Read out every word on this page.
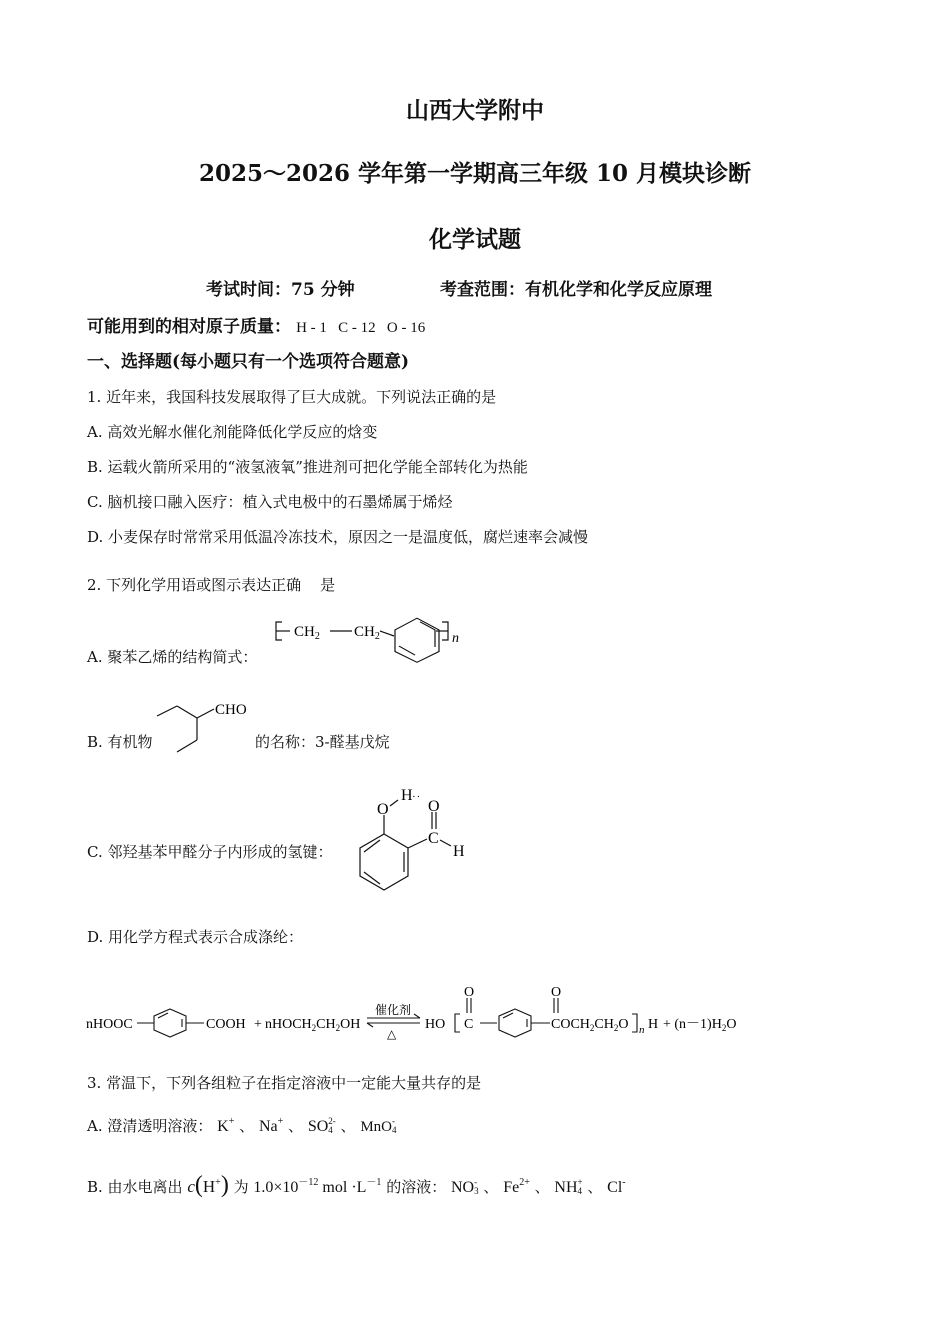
山西大学附中
2025～2026 学年第一学期高三年级 10 月模块诊断
化学试题
考试时间：75 分钟	考查范围：有机化学和化学反应原理
可能用到的相对原子质量： H - 1   C - 12   O - 16
一、选择题(每小题只有一个选项符合题意)
1. 近年来，我国科技发展取得了巨大成就。下列说法正确的是
A. 高效光解水催化剂能降低化学反应的焓变
B. 运载火箭所采用的“液氢液氧”推进剂可把化学能全部转化为热能
C. 脑机接口融入医疗：植入式电极中的石墨烯属于烯烃
D. 小麦保存时常常采用低温冷冻技术，原因之一是温度低，腐烂速率会减慢
2. 下列化学用语或图示表达正确    是
A. 聚苯乙烯的结构简式：
$CH_2$ $CH_2$	n
B. 有机物
CHO
的名称：3-醛基戊烷
C. 邻羟基苯甲醛分子内形成的氢键：
··
O
H
O
C
H
D. 用化学方程式表示合成涤纶：
nHOOC	COOH + $nHOCH_2CH_2OH$
催化剂
△
HO C
O	O
$COCH_2CH_2O$ n $H + (n-1)H_2O$
3. 常温下，下列各组粒子在指定溶液中一定能大量共存的是
A. 澄清透明溶液： K+ 、 Na+ 、 SO2-
4 、 MnO-
4
B. 由水电离出 c(H+) 为 $1.0\times 10^{-12}$ mol $\cdot L^{-1}$ 的溶液： NO-
3 、 $Fe^{2+}$ 、 NH+
4 、 Cl-
